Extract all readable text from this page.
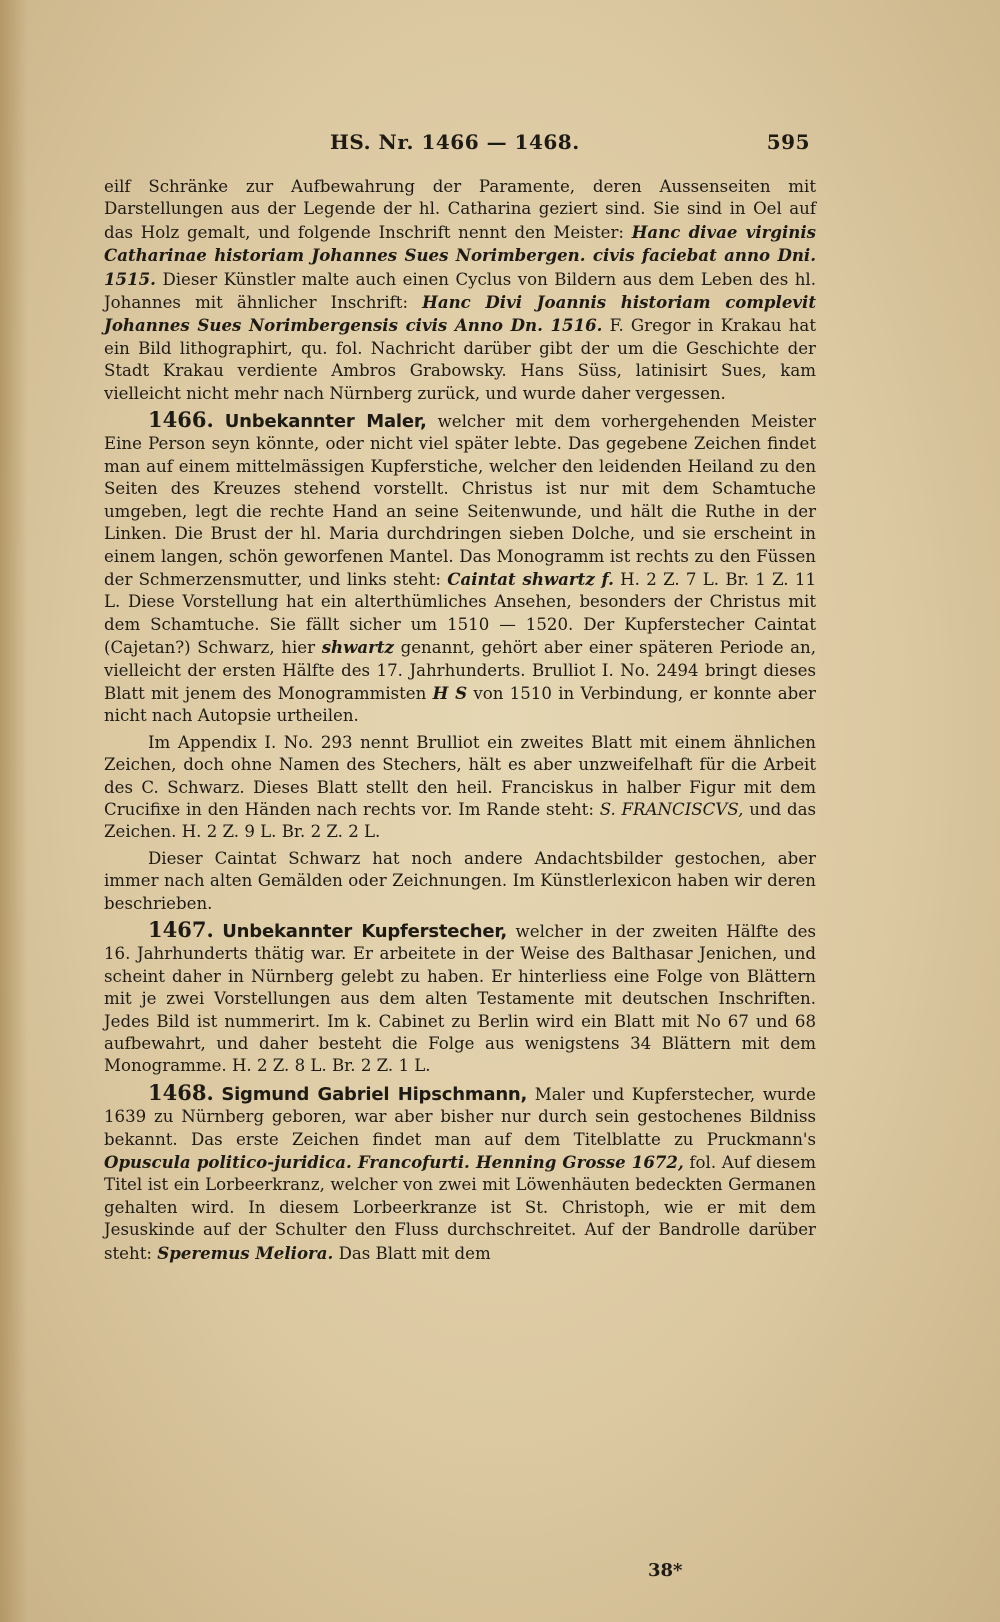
HS. Nr. 1466 — 1468.	595

eilf Schränke zur Aufbewahrung der Paramente, deren Aussenseiten mit Darstellungen aus der Legende der hl. Catharina geziert sind. Sie sind in Oel auf das Holz gemalt, und folgende Inschrift nennt den Meister: Hanc divae virginis Catharinae historiam Johannes Sues Norimbergen. civis faciebat anno Dni. 1515. Dieser Künstler malte auch einen Cyclus von Bildern aus dem Leben des hl. Johannes mit ähnlicher Inschrift: Hanc Divi Joannis historiam complevit Johannes Sues Norimbergensis civis Anno Dn. 1516. F. Gregor in Krakau hat ein Bild lithographirt, qu. fol. Nachricht darüber gibt der um die Geschichte der Stadt Krakau verdiente Ambros Grabowsky. Hans Süss, latinisirt Sues, kam vielleicht nicht mehr nach Nürnberg zurück, und wurde daher vergessen.

1466. Unbekannter Maler, welcher mit dem vorhergehenden Meister Eine Person seyn könnte, oder nicht viel später lebte. Das gegebene Zeichen findet man auf einem mittelmässigen Kupferstiche, welcher den leidenden Heiland zu den Seiten des Kreuzes stehend vorstellt. Christus ist nur mit dem Schamtuche umgeben, legt die rechte Hand an seine Seitenwunde, und hält die Ruthe in der Linken. Die Brust der hl. Maria durchdringen sieben Dolche, und sie erscheint in einem langen, schön geworfenen Mantel. Das Monogramm ist rechts zu den Füssen der Schmerzensmutter, und links steht: Caintat shwartz f. H. 2 Z. 7 L. Br. 1 Z. 11 L. Diese Vorstellung hat ein alterthümliches Ansehen, besonders der Christus mit dem Schamtuche. Sie fällt sicher um 1510 — 1520. Der Kupferstecher Caintat (Cajetan?) Schwarz, hier shwartz genannt, gehört aber einer späteren Periode an, vielleicht der ersten Hälfte des 17. Jahrhunderts. Brulliot I. No. 2494 bringt dieses Blatt mit jenem des Monogrammisten H S von 1510 in Verbindung, er konnte aber nicht nach Autopsie urtheilen.

Im Appendix I. No. 293 nennt Brulliot ein zweites Blatt mit einem ähnlichen Zeichen, doch ohne Namen des Stechers, hält es aber unzweifelhaft für die Arbeit des C. Schwarz. Dieses Blatt stellt den heil. Franciskus in halber Figur mit dem Crucifixe in den Händen nach rechts vor. Im Rande steht: S. FRANCISCVS, und das Zeichen. H. 2 Z. 9 L. Br. 2 Z. 2 L.

Dieser Caintat Schwarz hat noch andere Andachtsbilder gestochen, aber immer nach alten Gemälden oder Zeichnungen. Im Künstlerlexicon haben wir deren beschrieben.

1467. Unbekannter Kupferstecher, welcher in der zweiten Hälfte des 16. Jahrhunderts thätig war. Er arbeitete in der Weise des Balthasar Jenichen, und scheint daher in Nürnberg gelebt zu haben. Er hinterliess eine Folge von Blättern mit je zwei Vorstellungen aus dem alten Testamente mit deutschen Inschriften. Jedes Bild ist nummerirt. Im k. Cabinet zu Berlin wird ein Blatt mit No 67 und 68 aufbewahrt, und daher besteht die Folge aus wenigstens 34 Blättern mit dem Monogramme. H. 2 Z. 8 L. Br. 2 Z. 1 L.

1468. Sigmund Gabriel Hipschmann, Maler und Kupferstecher, wurde 1639 zu Nürnberg geboren, war aber bisher nur durch sein gestochenes Bildniss bekannt. Das erste Zeichen findet man auf dem Titelblatte zu Pruckmann's Opuscula politico-juridica. Francofurti. Henning Grosse 1672, fol. Auf diesem Titel ist ein Lorbeerkranz, welcher von zwei mit Löwenhäuten bedeckten Germanen gehalten wird. In diesem Lorbeerkranze ist St. Christoph, wie er mit dem Jesuskinde auf der Schulter den Fluss durchschreitet. Auf der Bandrolle darüber steht: Speremus Meliora. Das Blatt mit dem

38*
